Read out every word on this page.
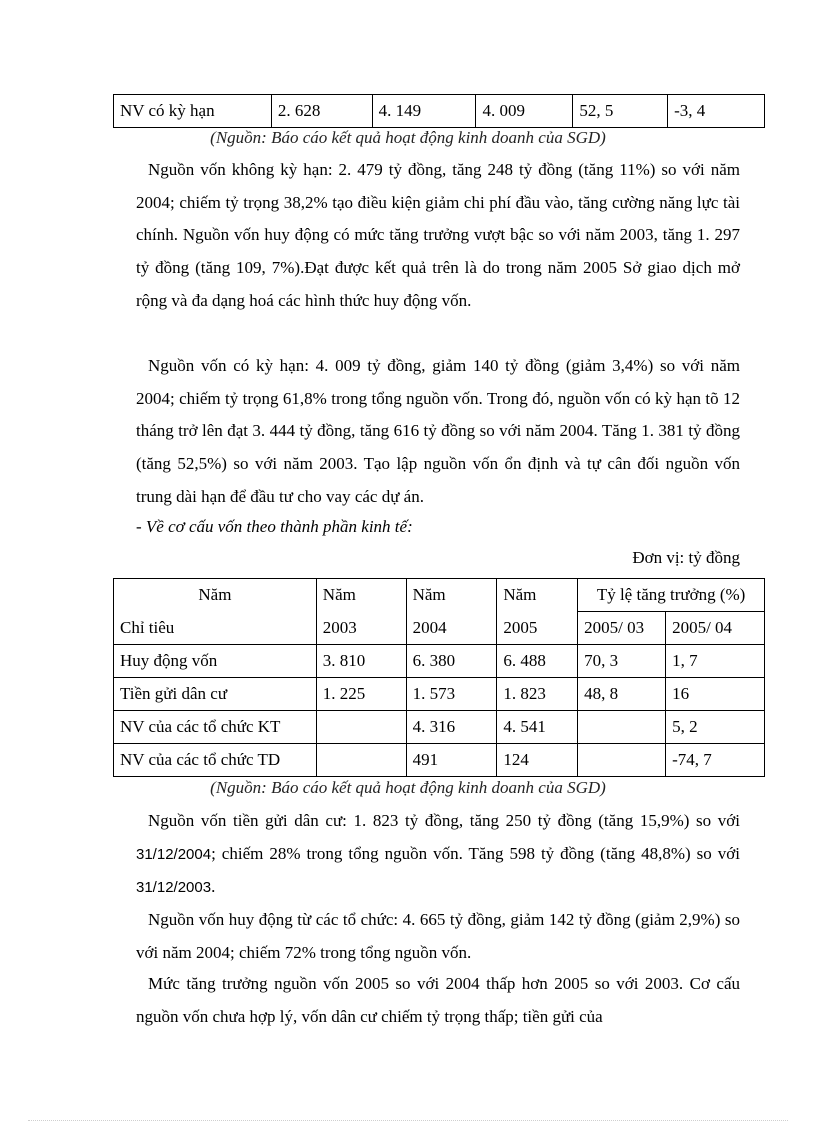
NV có kỳ hạn	2. 628	4. 149	4. 009	52, 5	-3, 4
(Nguồn: Báo cáo kết quả hoạt động kinh doanh của SGD)

Nguồn vốn không kỳ hạn: 2. 479 tỷ đồng, tăng 248 tỷ đồng (tăng 11%) so với năm 2004; chiếm tỷ trọng 38,2% tạo điều kiện giảm chi phí đầu vào, tăng cường năng lực tài chính. Nguồn vốn huy động có mức tăng trưởng vượt bậc so với năm 2003, tăng 1. 297 tỷ đồng (tăng 109, 7%).Đạt được kết quả trên là do trong năm 2005 Sở giao dịch mở rộng và đa dạng hoá các hình thức huy động vốn.

Nguồn vốn có kỳ hạn: 4. 009 tỷ đồng, giảm 140 tỷ đồng (giảm 3,4%) so với năm 2004; chiếm tỷ trọng 61,8% trong tổng nguồn vốn. Trong đó, nguồn vốn có kỳ hạn tõ 12 tháng trở lên đạt 3. 444 tỷ đồng, tăng 616 tỷ đồng so với năm 2004. Tăng 1. 381 tỷ đồng (tăng 52,5%) so với năm 2003. Tạo lập nguồn vốn ổn định và tự cân đối nguồn vốn trung dài hạn để đầu tư cho vay các dự án.

- Về cơ cấu vốn theo thành phần kinh tế:
Đơn vị: tỷ đồng
Năm	Năm	Năm	Năm	Tỷ lệ tăng trưởng (%)	
Chỉ tiêu	2003	2004	2005	2005/ 03	2005/ 04
Huy động vốn	3. 810	6. 380	6. 488	70, 3	1, 7
Tiền gửi dân cư	1. 225	1. 573	1. 823	48, 8	16
NV của các tổ chức KT		4. 316	4. 541		5, 2
NV của các tổ chức TD		491	124		-74, 7
(Nguồn: Báo cáo kết quả hoạt động kinh doanh của SGD)

Nguồn vốn tiền gửi dân cư: 1. 823 tỷ đồng, tăng 250 tỷ đồng (tăng 15,9%) so với 31/12/2004; chiếm 28% trong tổng nguồn vốn. Tăng 598 tỷ đồng (tăng 48,8%) so với 31/12/2003.

Nguồn vốn huy động từ các tổ chức: 4. 665 tỷ đồng, giảm 142 tỷ đồng (giảm 2,9%) so với năm 2004; chiếm 72% trong tổng nguồn vốn.

Mức tăng trưởng nguồn vốn 2005 so với 2004 thấp hơn 2005 so với 2003. Cơ cấu nguồn vốn chưa hợp lý, vốn dân cư chiếm tỷ trọng thấp; tiền gửi của
